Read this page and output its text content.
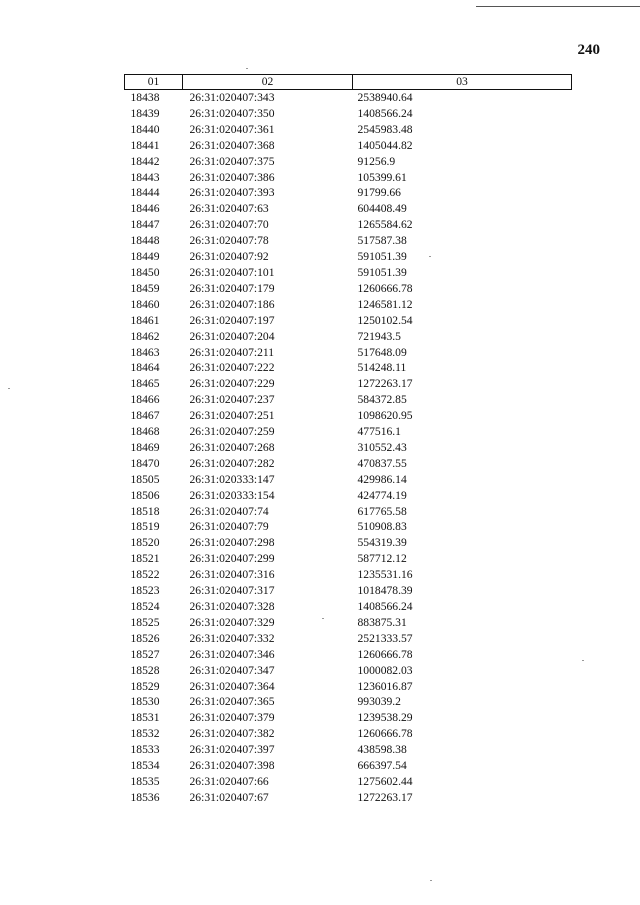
240
01	02	03
18438	26:31:020407:343	2538940.64
18439	26:31:020407:350	1408566.24
18440	26:31:020407:361	2545983.48
18441	26:31:020407:368	1405044.82
18442	26:31:020407:375	91256.9
18443	26:31:020407:386	105399.61
18444	26:31:020407:393	91799.66
18446	26:31:020407:63	604408.49
18447	26:31:020407:70	1265584.62
18448	26:31:020407:78	517587.38
18449	26:31:020407:92	591051.39
18450	26:31:020407:101	591051.39
18459	26:31:020407:179	1260666.78
18460	26:31:020407:186	1246581.12
18461	26:31:020407:197	1250102.54
18462	26:31:020407:204	721943.5
18463	26:31:020407:211	517648.09
18464	26:31:020407:222	514248.11
18465	26:31:020407:229	1272263.17
18466	26:31:020407:237	584372.85
18467	26:31:020407:251	1098620.95
18468	26:31:020407:259	477516.1
18469	26:31:020407:268	310552.43
18470	26:31:020407:282	470837.55
18505	26:31:020333:147	429986.14
18506	26:31:020333:154	424774.19
18518	26:31:020407:74	617765.58
18519	26:31:020407:79	510908.83
18520	26:31:020407:298	554319.39
18521	26:31:020407:299	587712.12
18522	26:31:020407:316	1235531.16
18523	26:31:020407:317	1018478.39
18524	26:31:020407:328	1408566.24
18525	26:31:020407:329	883875.31
18526	26:31:020407:332	2521333.57
18527	26:31:020407:346	1260666.78
18528	26:31:020407:347	1000082.03
18529	26:31:020407:364	1236016.87
18530	26:31:020407:365	993039.2
18531	26:31:020407:379	1239538.29
18532	26:31:020407:382	1260666.78
18533	26:31:020407:397	438598.38
18534	26:31:020407:398	666397.54
18535	26:31:020407:66	1275602.44
18536	26:31:020407:67	1272263.17
